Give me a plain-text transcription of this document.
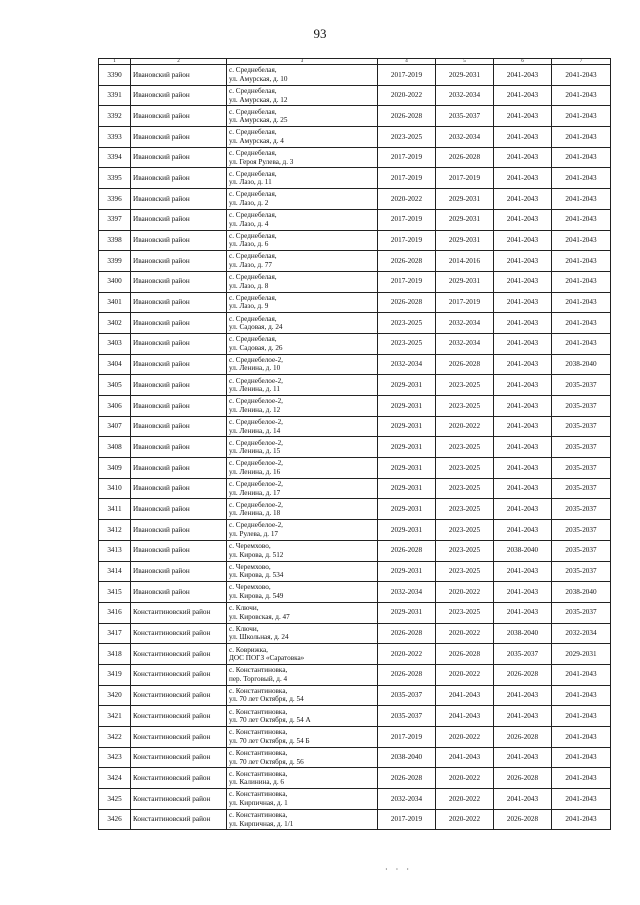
93
1	2	3	4	5	6	7
3390	Ивановский район	с. Среднебелая,
ул. Амурская, д. 10	2017-2019	2029-2031	2041-2043	2041-2043
3391	Ивановский район	с. Среднебелая,
ул. Амурская, д. 12	2020-2022	2032-2034	2041-2043	2041-2043
3392	Ивановский район	с. Среднебелая,
ул. Амурская, д. 25	2026-2028	2035-2037	2041-2043	2041-2043
3393	Ивановский район	с. Среднебелая,
ул. Амурская, д. 4	2023-2025	2032-2034	2041-2043	2041-2043
3394	Ивановский район	с. Среднебелая,
ул. Героя Рулева, д. 3	2017-2019	2026-2028	2041-2043	2041-2043
3395	Ивановский район	с. Среднебелая,
ул. Лазо, д. 11	2017-2019	2017-2019	2041-2043	2041-2043
3396	Ивановский район	с. Среднебелая,
ул. Лазо, д. 2	2020-2022	2029-2031	2041-2043	2041-2043
3397	Ивановский район	с. Среднебелая,
ул. Лазо, д. 4	2017-2019	2029-2031	2041-2043	2041-2043
3398	Ивановский район	с. Среднебелая,
ул. Лазо, д. 6	2017-2019	2029-2031	2041-2043	2041-2043
3399	Ивановский район	с. Среднебелая,
ул. Лазо, д. 77	2026-2028	2014-2016	2041-2043	2041-2043
3400	Ивановский район	с. Среднебелая,
ул. Лазо, д. 8	2017-2019	2029-2031	2041-2043	2041-2043
3401	Ивановский район	с. Среднебелая,
ул. Лазо, д. 9	2026-2028	2017-2019	2041-2043	2041-2043
3402	Ивановский район	с. Среднебелая,
ул. Садовая, д. 24	2023-2025	2032-2034	2041-2043	2041-2043
3403	Ивановский район	с. Среднебелая,
ул. Садовая, д. 26	2023-2025	2032-2034	2041-2043	2041-2043
3404	Ивановский район	с. Среднебелое-2,
ул. Ленина, д. 10	2032-2034	2026-2028	2041-2043	2038-2040
3405	Ивановский район	с. Среднебелое-2,
ул. Ленина, д. 11	2029-2031	2023-2025	2041-2043	2035-2037
3406	Ивановский район	с. Среднебелое-2,
ул. Ленина, д. 12	2029-2031	2023-2025	2041-2043	2035-2037
3407	Ивановский район	с. Среднебелое-2,
ул. Ленина, д. 14	2029-2031	2020-2022	2041-2043	2035-2037
3408	Ивановский район	с. Среднебелое-2,
ул. Ленина, д. 15	2029-2031	2023-2025	2041-2043	2035-2037
3409	Ивановский район	с. Среднебелое-2,
ул. Ленина, д. 16	2029-2031	2023-2025	2041-2043	2035-2037
3410	Ивановский район	с. Среднебелое-2,
ул. Ленина, д. 17	2029-2031	2023-2025	2041-2043	2035-2037
3411	Ивановский район	с. Среднебелое-2,
ул. Ленина, д. 18	2029-2031	2023-2025	2041-2043	2035-2037
3412	Ивановский район	с. Среднебелое-2,
ул. Рулева, д. 17	2029-2031	2023-2025	2041-2043	2035-2037
3413	Ивановский район	с. Черемхово,
ул. Кирова, д. 512	2026-2028	2023-2025	2038-2040	2035-2037
3414	Ивановский район	с. Черемхово,
ул. Кирова, д. 534	2029-2031	2023-2025	2041-2043	2035-2037
3415	Ивановский район	с. Черемхово,
ул. Кирова, д. 549	2032-2034	2020-2022	2041-2043	2038-2040
3416	Константиновский район	с. Ключи,
ул. Кировская, д. 47	2029-2031	2023-2025	2041-2043	2035-2037
3417	Константиновский район	с. Ключи,
ул. Школьная, д. 24	2026-2028	2020-2022	2038-2040	2032-2034
3418	Константиновский район	с. Коврижка,
ДОС ПОГЗ «Саратовка»	2020-2022	2026-2028	2035-2037	2029-2031
3419	Константиновский район	с. Константиновка,
пер. Торговый, д. 4	2026-2028	2020-2022	2026-2028	2041-2043
3420	Константиновский район	с. Константиновка,
ул. 70 лет Октября, д. 54	2035-2037	2041-2043	2041-2043	2041-2043
3421	Константиновский район	с. Константиновка,
ул. 70 лет Октября, д. 54 А	2035-2037	2041-2043	2041-2043	2041-2043
3422	Константиновский район	с. Константиновка,
ул. 70 лет Октября, д. 54 Б	2017-2019	2020-2022	2026-2028	2041-2043
3423	Константиновский район	с. Константиновка,
ул. 70 лет Октября, д. 56	2038-2040	2041-2043	2041-2043	2041-2043
3424	Константиновский район	с. Константиновка,
ул. Калинина, д. 6	2026-2028	2020-2022	2026-2028	2041-2043
3425	Константиновский район	с. Константиновка,
ул. Кирпичная, д. 1	2032-2034	2020-2022	2041-2043	2041-2043
3426	Константиновский район	с. Константиновка,
ул. Кирпичная, д. 1/1	2017-2019	2020-2022	2026-2028	2041-2043
· · ·
